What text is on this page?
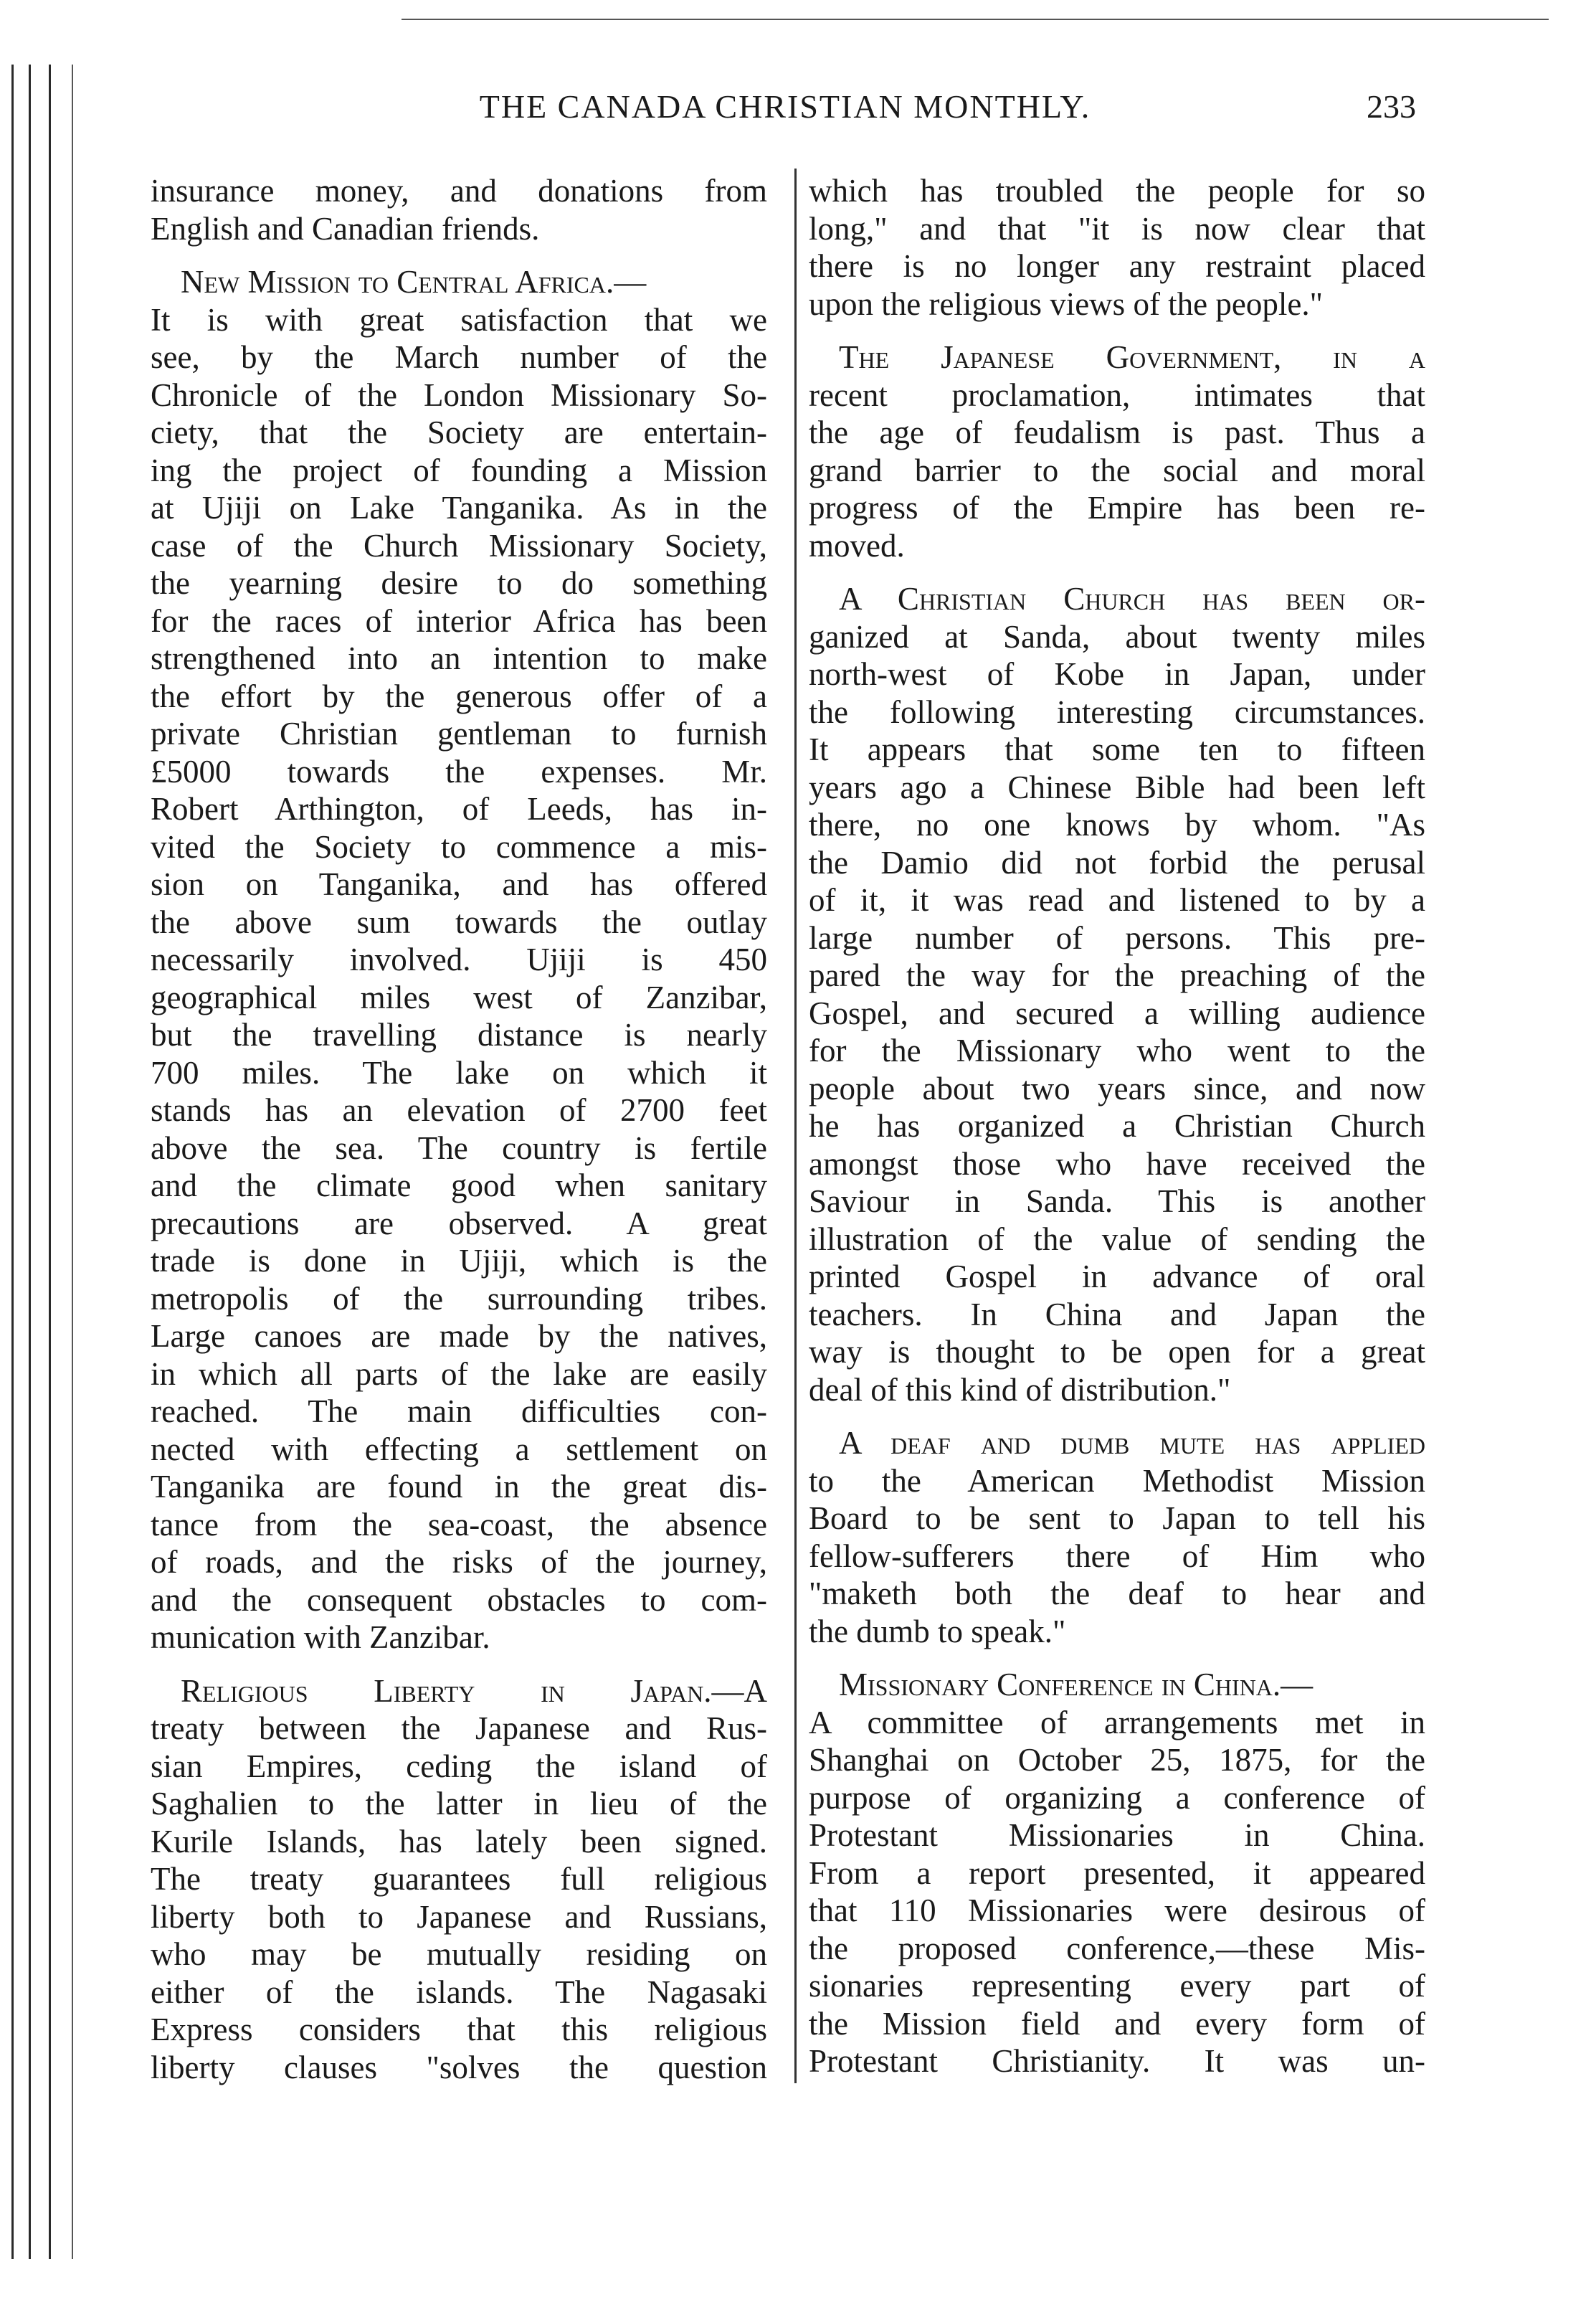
THE CANADA CHRISTIAN MONTHLY.	233
insurance money, and donations from
English and Canadian friends.
New Mission to Central Africa.—
It is with great satisfaction that we
see, by the March number of the
Chronicle of the London Missionary So-
ciety, that the Society are entertain-
ing the project of founding a Mission
at Ujiji on Lake Tanganika. As in the
case of the Church Missionary Society,
the yearning desire to do something
for the races of interior Africa has been
strengthened into an intention to make
the effort by the generous offer of a
private Christian gentleman to furnish
£5000 towards the expenses. Mr.
Robert Arthington, of Leeds, has in-
vited the Society to commence a mis-
sion on Tanganika, and has offered
the above sum towards the outlay
necessarily involved. Ujiji is 450
geographical miles west of Zanzibar,
but the travelling distance is nearly
700 miles. The lake on which it
stands has an elevation of 2700 feet
above the sea. The country is fertile
and the climate good when sanitary
precautions are observed. A great
trade is done in Ujiji, which is the
metropolis of the surrounding tribes.
Large canoes are made by the natives,
in which all parts of the lake are easily
reached. The main difficulties con-
nected with effecting a settlement on
Tanganika are found in the great dis-
tance from the sea-coast, the absence
of roads, and the risks of the journey,
and the consequent obstacles to com-
munication with Zanzibar.
Religious Liberty in Japan.—A
treaty between the Japanese and Rus-
sian Empires, ceding the island of
Saghalien to the latter in lieu of the
Kurile Islands, has lately been signed.
The treaty guarantees full religious
liberty both to Japanese and Russians,
who may be mutually residing on
either of the islands. The Nagasaki
Express considers that this religious
liberty clauses "solves the question
which has troubled the people for so
long," and that "it is now clear that
there is no longer any restraint placed
upon the religious views of the people."
The Japanese Government, in a
recent proclamation, intimates that
the age of feudalism is past. Thus a
grand barrier to the social and moral
progress of the Empire has been re-
moved.
A Christian Church has been or-
ganized at Sanda, about twenty miles
north-west of Kobe in Japan, under
the following interesting circumstances.
It appears that some ten to fifteen
years ago a Chinese Bible had been left
there, no one knows by whom. "As
the Damio did not forbid the perusal
of it, it was read and listened to by a
large number of persons. This pre-
pared the way for the preaching of the
Gospel, and secured a willing audience
for the Missionary who went to the
people about two years since, and now
he has organized a Christian Church
amongst those who have received the
Saviour in Sanda. This is another
illustration of the value of sending the
printed Gospel in advance of oral
teachers. In China and Japan the
way is thought to be open for a great
deal of this kind of distribution."
A deaf and dumb mute has applied
to the American Methodist Mission
Board to be sent to Japan to tell his
fellow-sufferers there of Him who
"maketh both the deaf to hear and
the dumb to speak."
Missionary Conference in China.—
A committee of arrangements met in
Shanghai on October 25, 1875, for the
purpose of organizing a conference of
Protestant Missionaries in China.
From a report presented, it appeared
that 110 Missionaries were desirous of
the proposed conference,—these Mis-
sionaries representing every part of
the Mission field and every form of
Protestant Christianity. It was un-
